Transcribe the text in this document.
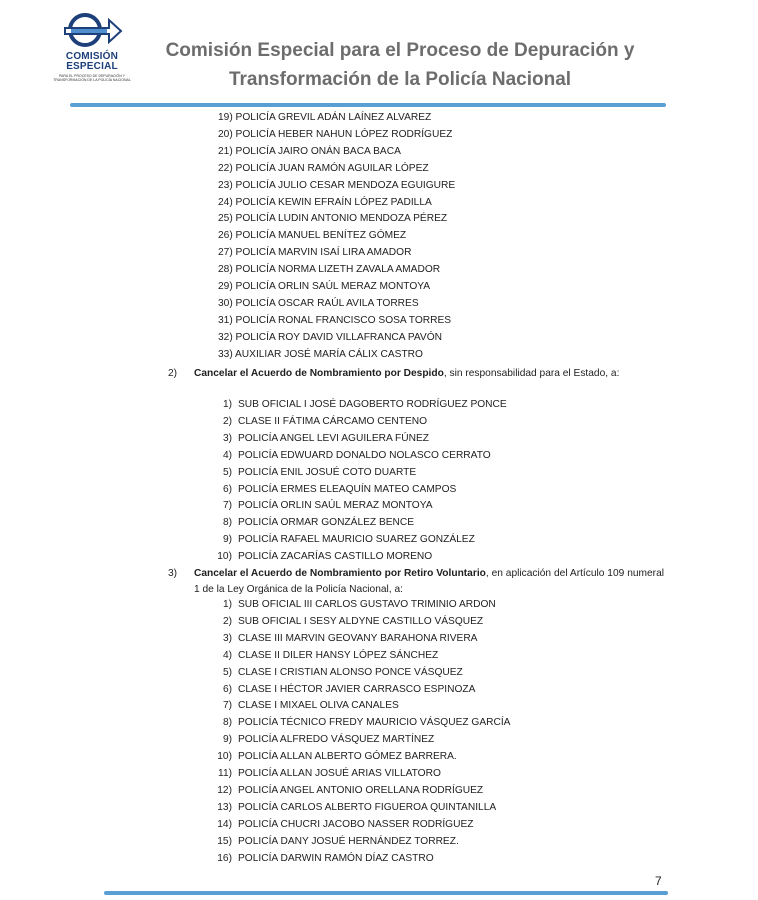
COMISIÓN
ESPECIAL
PARA EL PROCESO DE DEPURACIÓN Y TRANSFORMACIÓN DE LA POLICÍA NACIONAL
Comisión Especial para el Proceso de Depuración y
Transformación de la Policía Nacional
19) POLICÍA GREVIL ADÁN LAÍNEZ ALVAREZ
20) POLICÍA HEBER NAHUN LÓPEZ RODRÍGUEZ
21) POLICÍA JAIRO ONÁN BACA BACA
22) POLICÍA JUAN RAMÓN AGUILAR LÓPEZ
23) POLICÍA JULIO CESAR MENDOZA EGUIGURE
24) POLICÍA KEWIN EFRAÍN LÓPEZ PADILLA
25) POLICÍA LUDIN ANTONIO MENDOZA PÉREZ
26) POLICÍA MANUEL BENÍTEZ GÓMEZ
27) POLICÍA MARVIN ISAÍ LIRA AMADOR
28) POLICÍA NORMA LIZETH ZAVALA AMADOR
29) POLICÍA ORLIN SAÚL MERAZ MONTOYA
30) POLICÍA OSCAR RAÚL AVILA TORRES
31) POLICÍA RONAL FRANCISCO SOSA TORRES
32) POLICÍA ROY DAVID VILLAFRANCA PAVÓN
33) AUXILIAR JOSÉ MARÍA CÁLIX CASTRO
2) Cancelar el Acuerdo de Nombramiento por Despido, sin responsabilidad para el Estado, a:
1) SUB OFICIAL I JOSÉ DAGOBERTO RODRÍGUEZ PONCE
2) CLASE II FÁTIMA CÁRCAMO CENTENO
3) POLICÍA ANGEL LEVI AGUILERA FÚNEZ
4) POLICÍA EDWUARD DONALDO NOLASCO CERRATO
5) POLICÍA ENIL JOSUÉ COTO DUARTE
6) POLICÍA ERMES ELEAQUÍN MATEO CAMPOS
7) POLICÍA ORLIN SAÚL MERAZ MONTOYA
8) POLICÍA ORMAR GONZÁLEZ BENCE
9) POLICÍA RAFAEL MAURICIO SUAREZ GONZÁLEZ
10) POLICÍA ZACARÍAS CASTILLO MORENO
3) Cancelar el Acuerdo de Nombramiento por Retiro Voluntario, en aplicación del Artículo 109 numeral 1 de la Ley Orgánica de la Policía Nacional, a:
1) SUB OFICIAL III CARLOS GUSTAVO TRIMINIO ARDON
2) SUB OFICIAL I SESY ALDYNE CASTILLO VÁSQUEZ
3) CLASE III MARVIN GEOVANY BARAHONA RIVERA
4) CLASE II DILER HANSY LÓPEZ SÁNCHEZ
5) CLASE I CRISTIAN ALONSO PONCE VÁSQUEZ
6) CLASE I HÉCTOR JAVIER CARRASCO ESPINOZA
7) CLASE I MIXAEL OLIVA CANALES
8) POLICÍA TÉCNICO FREDY MAURICIO VÁSQUEZ GARCÍA
9) POLICÍA ALFREDO VÁSQUEZ MARTÍNEZ
10) POLICÍA ALLAN ALBERTO GÓMEZ BARRERA.
11) POLICÍA ALLAN JOSUÉ ARIAS VILLATORO
12) POLICÍA ANGEL ANTONIO ORELLANA RODRÍGUEZ
13) POLICÍA CARLOS ALBERTO FIGUEROA QUINTANILLA
14) POLICÍA CHUCRI JACOBO NASSER RODRÍGUEZ
15) POLICÍA DANY JOSUÉ HERNÁNDEZ TORREZ.
16) POLICÍA DARWIN RAMÓN DÍAZ CASTRO
7
